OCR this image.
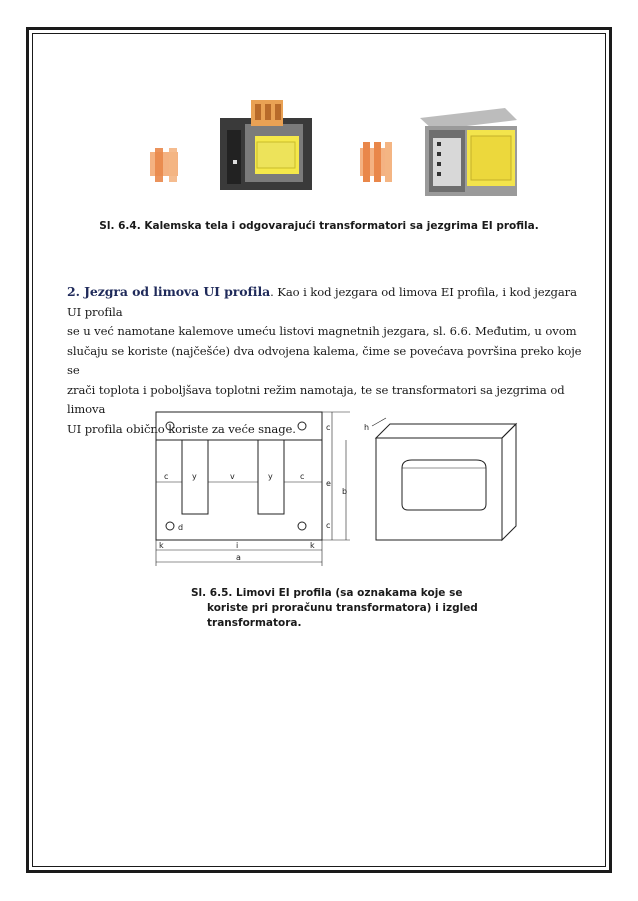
Sl. 6.4. Kalemska tela i odgovarajući transformatori sa jezgrima EI profila.

2. Jezgra od limova UI profila. Kao i kod jezgara od limova EI profila, i kod jezgara UI profila

se u već namotane kalemove umeću listovi magnetnih jezgara, sl. 6.6. Međutim, u ovom

slučaju se koriste (najčešće) dva odvojena kalema, čime se povećava površina preko koje se

zrači toplota i poboljšava toplotni režim namotaja, te se transformatori sa jezgrima od limova

UI profila obično koriste za veće snage.

c	y	v	y	c
c
e
c
b
d
k	i	k
a
h
Sl. 6.5. Limovi EI profila (sa oznakama koje se
koriste pri proračunu transformatora) i izgled
transformatora.
